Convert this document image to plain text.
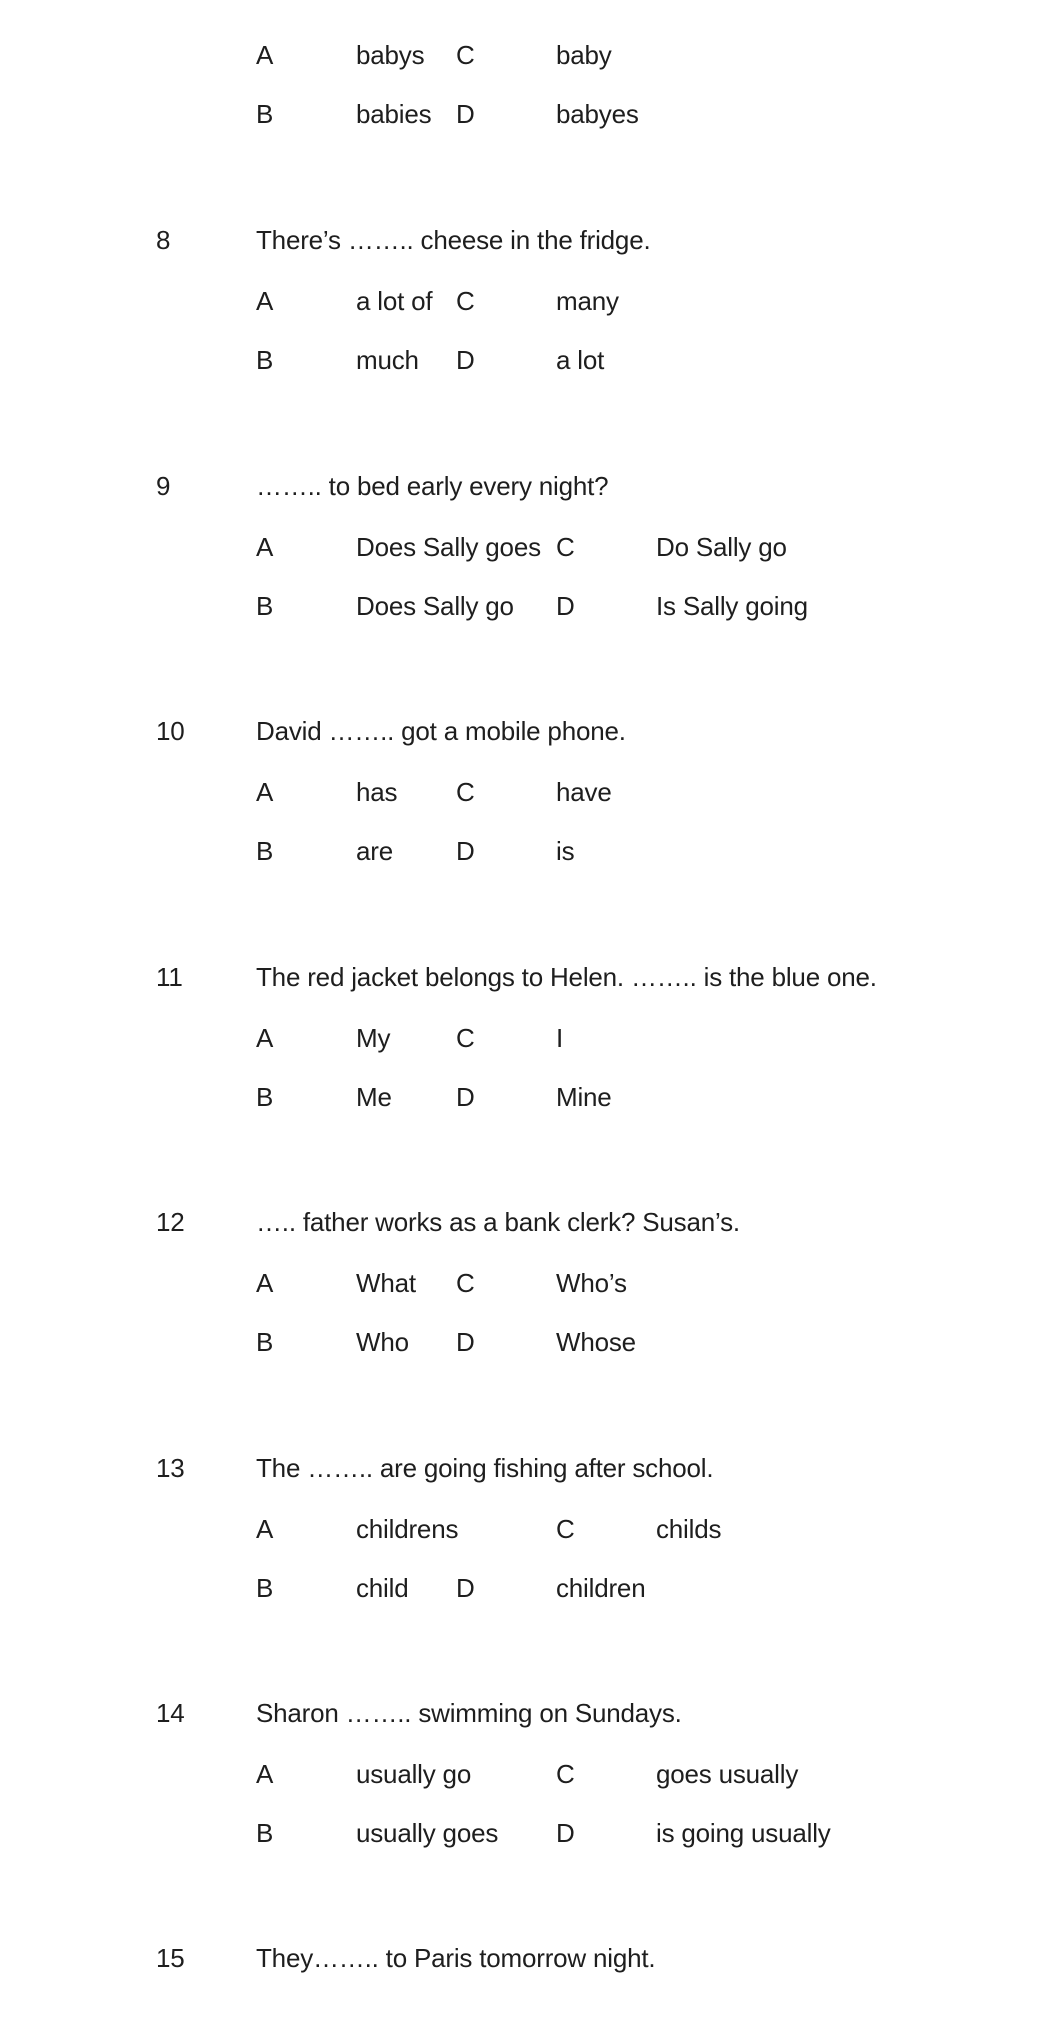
A	babys C	baby
B	babies D	babyes
8	There’s …….. cheese in the fridge.
A	a lot of C	many
B	much D	a lot
9	…….. to bed early every night?
A	Does Sally goes C	Do Sally go
B	Does Sally go D	Is Sally going
10	David …….. got a mobile phone.
A	has C	have
B	are D	is
11	The red jacket belongs to Helen. …….. is the blue one.
A	My	C	I
B	Me D	Mine
12	….. father works as a bank clerk? Susan’s.
A	What C	Who’s
B	Who D	Whose
13	The …….. are going fishing after school.
A	childrens	C	childs
B	child D	children
14	Sharon …….. swimming on Sundays.
A	usually go	C	goes usually
B	usually goes D	is going usually
15	They…….. to Paris tomorrow night.
